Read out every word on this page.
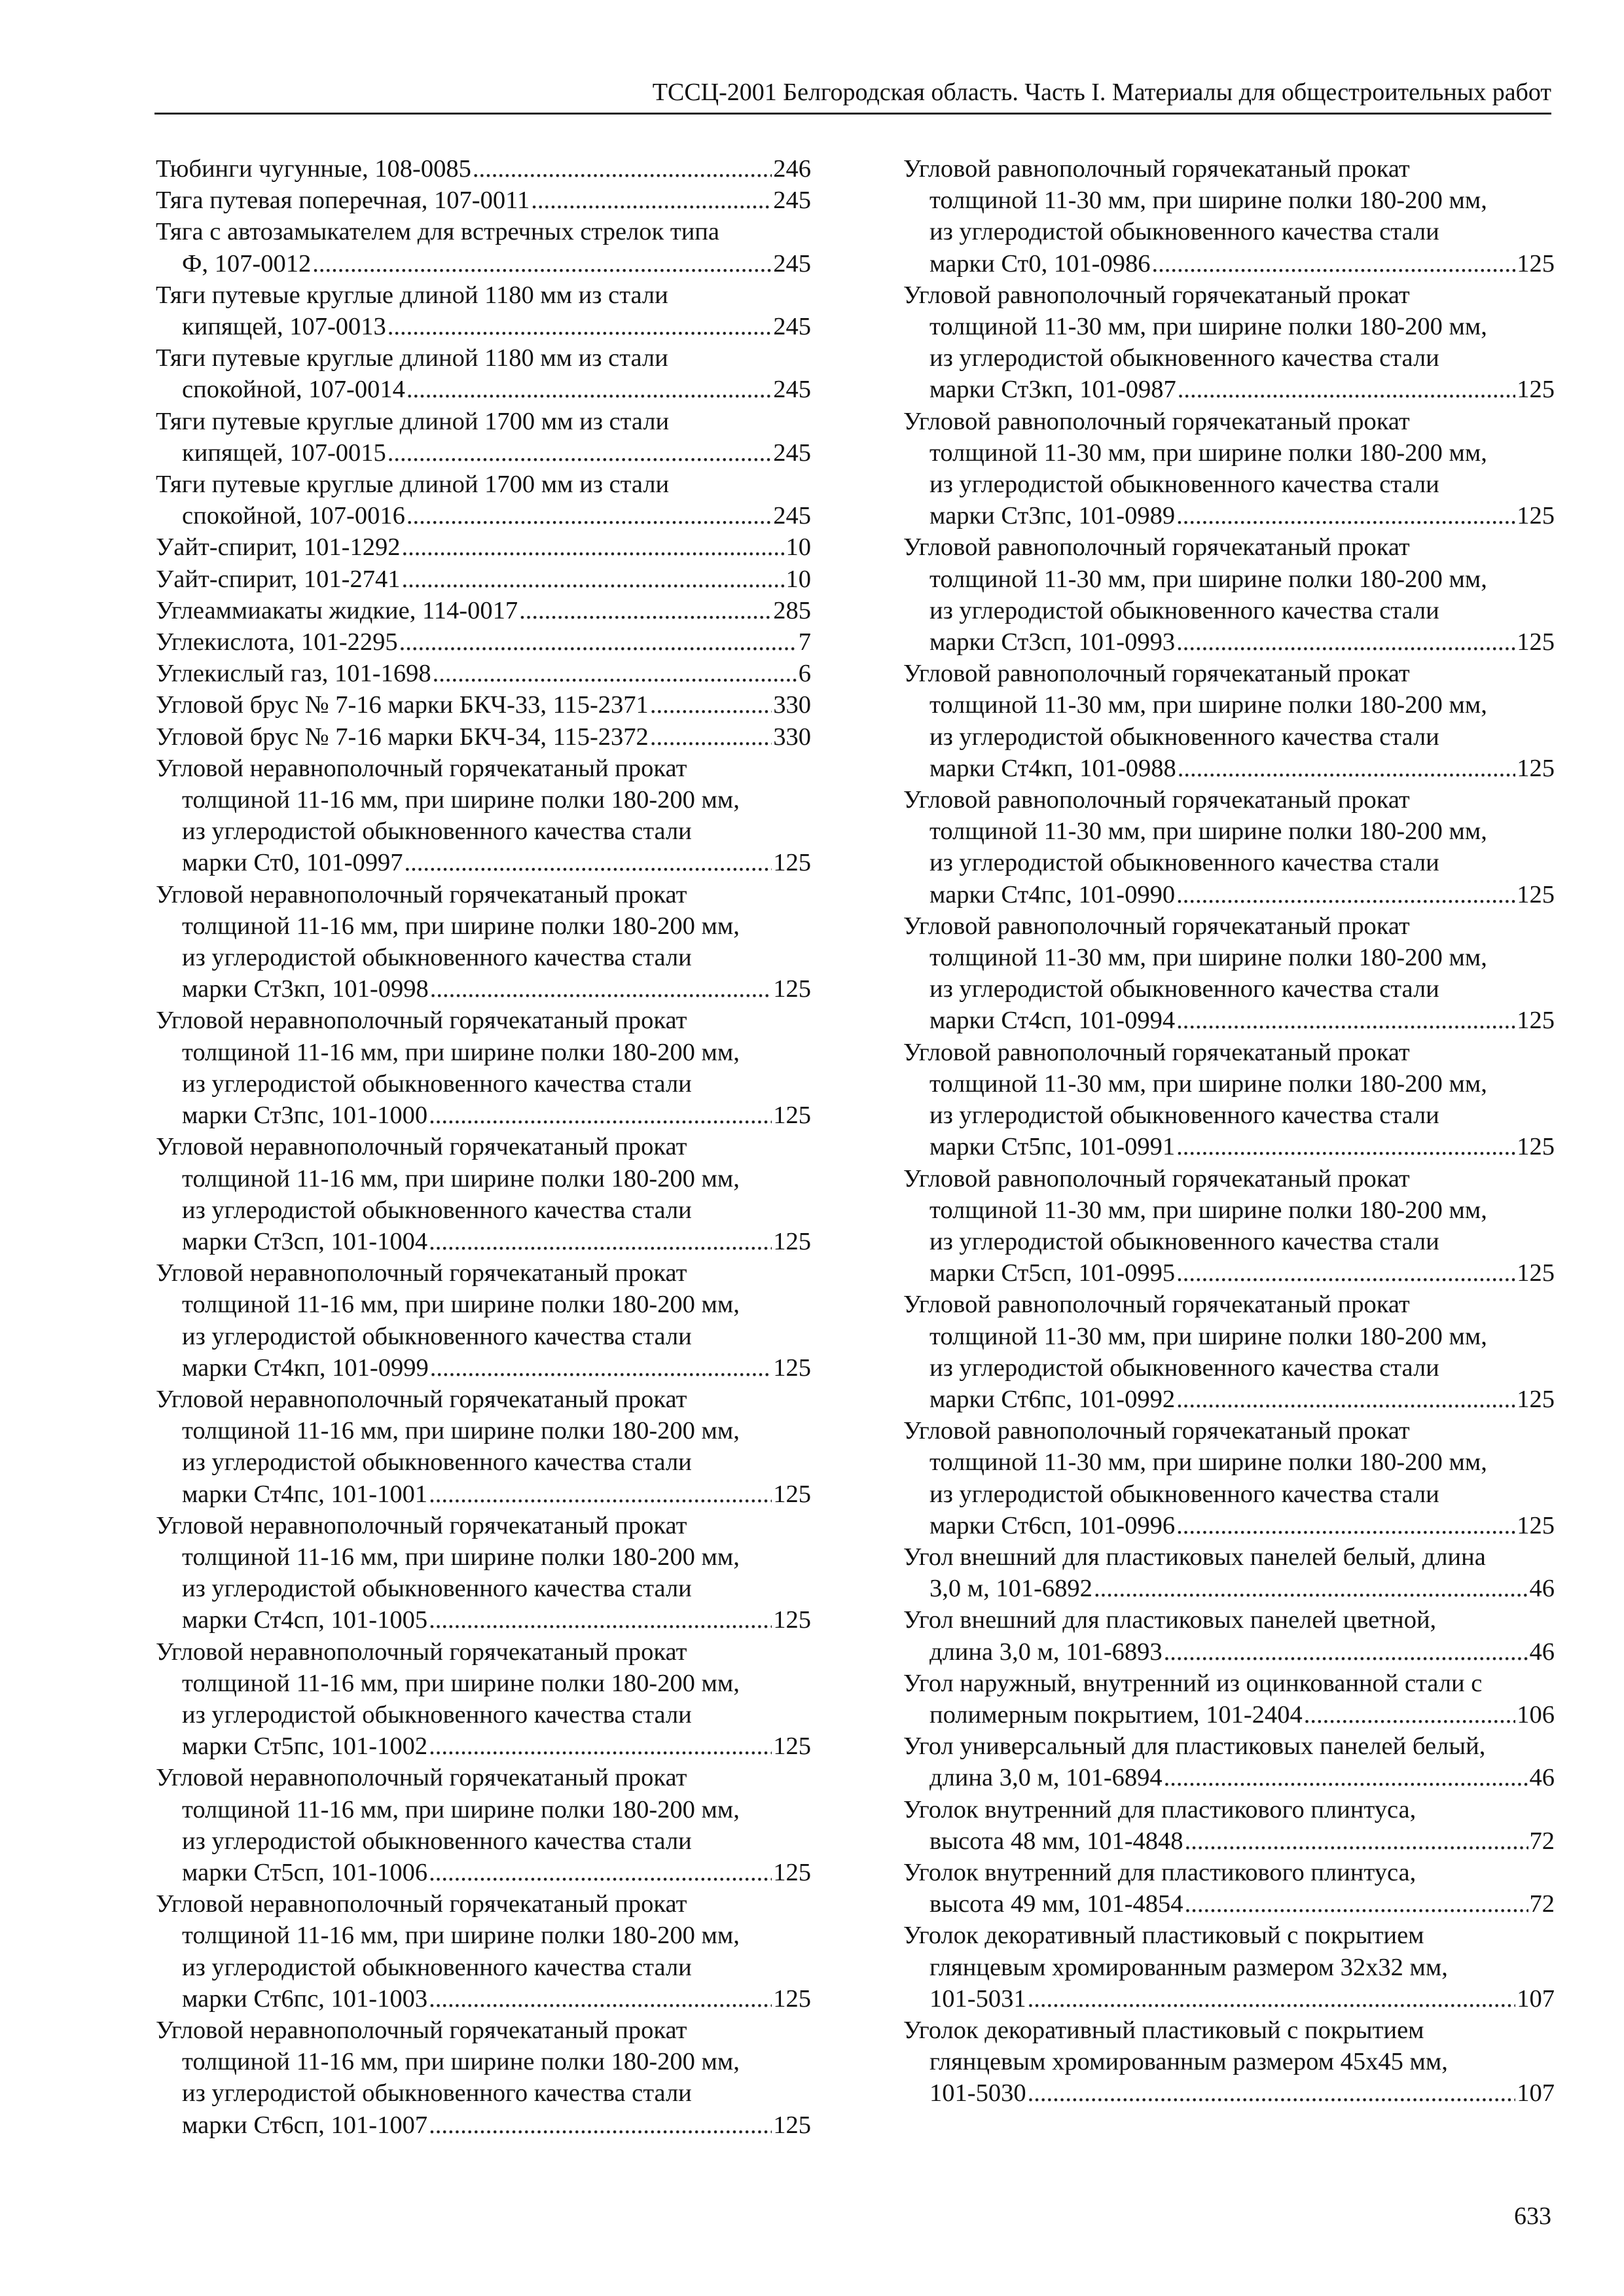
ТССЦ-2001 Белгородская область. Часть I. Материалы для общестроительных работ
Тюбинги чугунные, 108-0085 .....	246
Тяга путевая поперечная, 107-0011 .....	245
Тяга с автозамыкателем для встречных стрелок типа
Ф, 107-0012 .....	245
Тяги путевые круглые длиной 1180 мм из стали
кипящей, 107-0013 .....	245
Тяги путевые круглые длиной 1180 мм из стали
спокойной, 107-0014 .....	245
Тяги путевые круглые длиной 1700 мм из стали
кипящей, 107-0015 .....	245
Тяги путевые круглые длиной 1700 мм из стали
спокойной, 107-0016 .....	245
Уайт-спирит, 101-1292 .....	10
Уайт-спирит, 101-2741 .....	10
Углеаммиакаты жидкие, 114-0017 .....	285
Углекислота, 101-2295 .....	7
Углекислый газ, 101-1698 .....	6
Угловой брус № 7-16 марки БКЧ-33, 115-2371 .....	330
Угловой брус № 7-16 марки БКЧ-34, 115-2372 .....	330
Угловой неравнополочный горячекатаный прокат
толщиной 11-16 мм, при ширине полки 180-200 мм,
из углеродистой обыкновенного качества стали
марки Ст0, 101-0997 .....	125
Угловой неравнополочный горячекатаный прокат
толщиной 11-16 мм, при ширине полки 180-200 мм,
из углеродистой обыкновенного качества стали
марки Ст3кп, 101-0998 .....	125
Угловой неравнополочный горячекатаный прокат
толщиной 11-16 мм, при ширине полки 180-200 мм,
из углеродистой обыкновенного качества стали
марки Ст3пс, 101-1000 .....	125
Угловой неравнополочный горячекатаный прокат
толщиной 11-16 мм, при ширине полки 180-200 мм,
из углеродистой обыкновенного качества стали
марки Ст3сп, 101-1004 .....	125
Угловой неравнополочный горячекатаный прокат
толщиной 11-16 мм, при ширине полки 180-200 мм,
из углеродистой обыкновенного качества стали
марки Ст4кп, 101-0999 .....	125
Угловой неравнополочный горячекатаный прокат
толщиной 11-16 мм, при ширине полки 180-200 мм,
из углеродистой обыкновенного качества стали
марки Ст4пс, 101-1001 .....	125
Угловой неравнополочный горячекатаный прокат
толщиной 11-16 мм, при ширине полки 180-200 мм,
из углеродистой обыкновенного качества стали
марки Ст4сп, 101-1005 .....	125
Угловой неравнополочный горячекатаный прокат
толщиной 11-16 мм, при ширине полки 180-200 мм,
из углеродистой обыкновенного качества стали
марки Ст5пс, 101-1002 .....	125
Угловой неравнополочный горячекатаный прокат
толщиной 11-16 мм, при ширине полки 180-200 мм,
из углеродистой обыкновенного качества стали
марки Ст5сп, 101-1006 .....	125
Угловой неравнополочный горячекатаный прокат
толщиной 11-16 мм, при ширине полки 180-200 мм,
из углеродистой обыкновенного качества стали
марки Ст6пс, 101-1003 .....	125
Угловой неравнополочный горячекатаный прокат
толщиной 11-16 мм, при ширине полки 180-200 мм,
из углеродистой обыкновенного качества стали
марки Ст6сп, 101-1007 .....	125
Угловой равнополочный горячекатаный прокат
толщиной 11-30 мм, при ширине полки 180-200 мм,
из углеродистой обыкновенного качества стали
марки Ст0, 101-0986 .....	125
Угловой равнополочный горячекатаный прокат
толщиной 11-30 мм, при ширине полки 180-200 мм,
из углеродистой обыкновенного качества стали
марки Ст3кп, 101-0987 .....	125
Угловой равнополочный горячекатаный прокат
толщиной 11-30 мм, при ширине полки 180-200 мм,
из углеродистой обыкновенного качества стали
марки Ст3пс, 101-0989 .....	125
Угловой равнополочный горячекатаный прокат
толщиной 11-30 мм, при ширине полки 180-200 мм,
из углеродистой обыкновенного качества стали
марки Ст3сп, 101-0993 .....	125
Угловой равнополочный горячекатаный прокат
толщиной 11-30 мм, при ширине полки 180-200 мм,
из углеродистой обыкновенного качества стали
марки Ст4кп, 101-0988 .....	125
Угловой равнополочный горячекатаный прокат
толщиной 11-30 мм, при ширине полки 180-200 мм,
из углеродистой обыкновенного качества стали
марки Ст4пс, 101-0990 .....	125
Угловой равнополочный горячекатаный прокат
толщиной 11-30 мм, при ширине полки 180-200 мм,
из углеродистой обыкновенного качества стали
марки Ст4сп, 101-0994 .....	125
Угловой равнополочный горячекатаный прокат
толщиной 11-30 мм, при ширине полки 180-200 мм,
из углеродистой обыкновенного качества стали
марки Ст5пс, 101-0991 .....	125
Угловой равнополочный горячекатаный прокат
толщиной 11-30 мм, при ширине полки 180-200 мм,
из углеродистой обыкновенного качества стали
марки Ст5сп, 101-0995 .....	125
Угловой равнополочный горячекатаный прокат
толщиной 11-30 мм, при ширине полки 180-200 мм,
из углеродистой обыкновенного качества стали
марки Ст6пс, 101-0992 .....	125
Угловой равнополочный горячекатаный прокат
толщиной 11-30 мм, при ширине полки 180-200 мм,
из углеродистой обыкновенного качества стали
марки Ст6сп, 101-0996 .....	125
Угол внешний для пластиковых панелей белый, длина
3,0 м, 101-6892 .....	46
Угол внешний для пластиковых панелей цветной,
длина 3,0 м, 101-6893 .....	46
Угол наружный, внутренний из оцинкованной стали с
полимерным покрытием, 101-2404 .....	106
Угол универсальный для пластиковых панелей белый,
длина 3,0 м, 101-6894 .....	46
Уголок внутренний для пластикового плинтуса,
высота 48 мм, 101-4848 .....	72
Уголок внутренний для пластикового плинтуса,
высота 49 мм, 101-4854 .....	72
Уголок декоративный пластиковый с покрытием
глянцевым хромированным размером 32х32 мм,
101-5031 .....	107
Уголок декоративный пластиковый с покрытием
глянцевым хромированным размером 45х45 мм,
101-5030 .....	107
633
